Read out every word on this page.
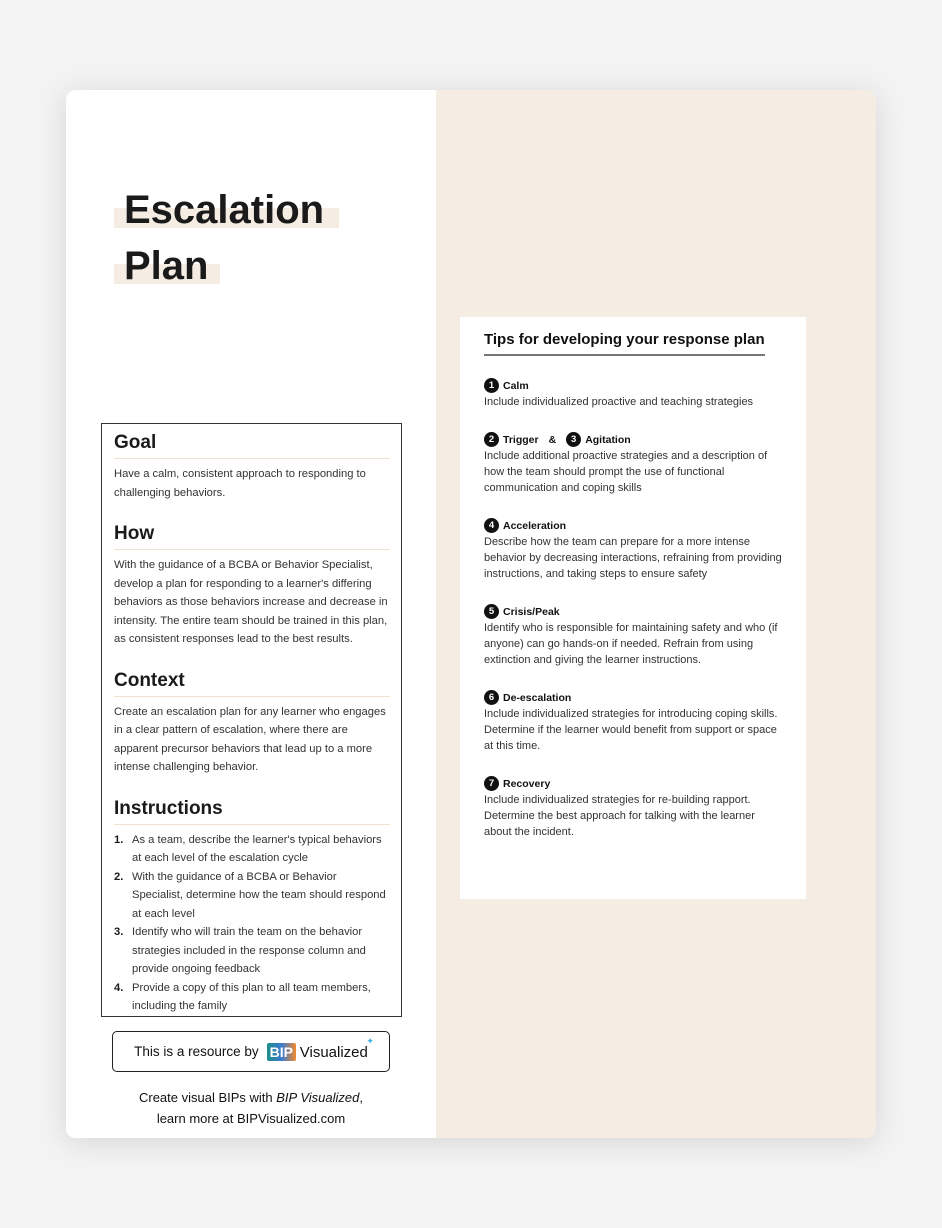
Escalation
Plan
Goal

Have a calm, consistent approach to responding to challenging behaviors.

How

With the guidance of a BCBA or Behavior Specialist, develop a plan for responding to a learner's differing behaviors as those behaviors increase and decrease in intensity. The entire team should be trained in this plan, as consistent responses lead to the best results.

Context

Create an escalation plan for any learner who engages in a clear pattern of escalation, where there are apparent precursor behaviors that lead up to a more intense challenging behavior.

Instructions
1. As a team, describe the learner's typical behaviors at each level of the escalation cycle
2. With the guidance of a BCBA or Behavior Specialist, determine how the team should respond at each level
3. Identify who will train the team on the behavior strategies included in the response column and provide ongoing feedback
4. Provide a copy of this plan to all team members, including the family
This is a resource by BIP Visualized
✦
Create visual BIPs with BIP Visualized,
learn more at BIPVisualized.com
Tips for developing your response plan
1 Calm

Include individualized proactive and teaching strategies

2 Trigger &	3 Agitation

Include additional proactive strategies and a description of how the team should prompt the use of functional communication and coping skills

4 Acceleration

Describe how the team can prepare for a more intense behavior by decreasing interactions, refraining from providing instructions, and taking steps to ensure safety

5 Crisis/Peak

Identify who is responsible for maintaining safety and who (if anyone) can go hands-on if needed. Refrain from using extinction and giving the learner instructions.

6 De-escalation

Include individualized strategies for introducing coping skills. Determine if the learner would benefit from support or space at this time.

7 Recovery

Include individualized strategies for re-building rapport. Determine the best approach for talking with the learner about the incident.
